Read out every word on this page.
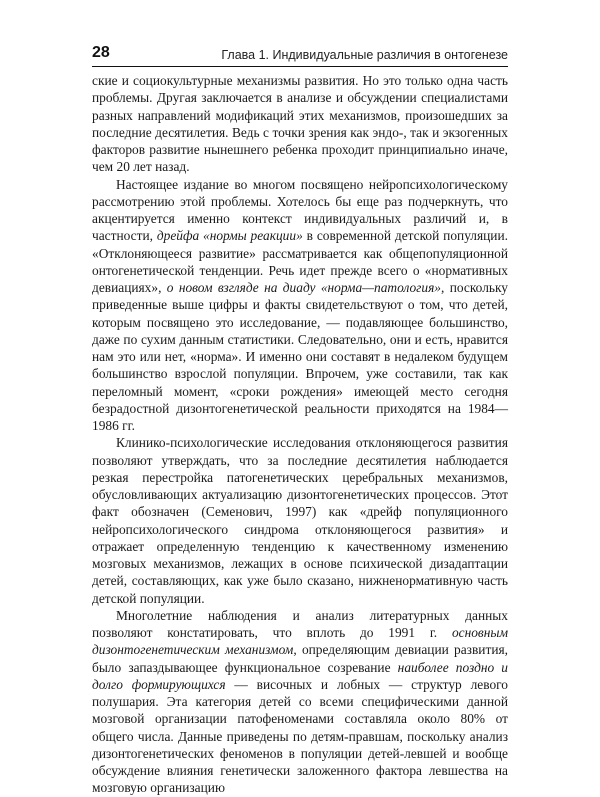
28	Глава 1. Индивидуальные различия в онтогенезе

ские и социокультурные механизмы развития. Но это только одна часть проблемы. Другая заключается в анализе и обсуждении специалистами разных направлений модификаций этих механизмов, произошедших за последние десятилетия. Ведь с точки зрения как эндо-, так и экзогенных факторов развитие нынешнего ребенка проходит принципиально иначе, чем 20 лет назад.

Настоящее издание во многом посвящено нейропсихологическому рассмотрению этой проблемы. Хотелось бы еще раз подчеркнуть, что акцентируется именно контекст индивидуальных различий и, в частности, дрейфа «нормы реакции» в современной детской популяции. «Отклоняющееся развитие» рассматривается как общепопуляционной онтогенетической тенденции. Речь идет прежде всего о «нормативных девиациях», о новом взгляде на диаду «норма—патология», поскольку приведенные выше цифры и факты свидетельствуют о том, что детей, которым посвящено это исследование, — подавляющее большинство, даже по сухим данным статистики. Следовательно, они и есть, нравится нам это или нет, «норма». И именно они составят в недалеком будущем большинство взрослой популяции. Впрочем, уже составили, так как переломный момент, «сроки рождения» имеющей место сегодня безрадостной дизонтогенетической реальности приходятся на 1984—1986 гг.

Клинико-психологические исследования отклоняющегося развития позволяют утверждать, что за последние десятилетия наблюдается резкая перестройка патогенетических церебральных механизмов, обусловливающих актуализацию дизонтогенетических процессов. Этот факт обозначен (Семенович, 1997) как «дрейф популяционного нейропсихологического синдрома отклоняющегося развития» и отражает определенную тенденцию к качественному изменению мозговых механизмов, лежащих в основе психической дизадаптации детей, составляющих, как уже было сказано, нижненормативную часть детской популяции.

Многолетние наблюдения и анализ литературных данных позволяют констатировать, что вплоть до 1991 г. основным дизонтогенетическим механизмом, определяющим девиации развития, было запаздывающее функциональное созревание наиболее поздно и долго формирующихся — височных и лобных — структур левого полушария. Эта категория детей со всеми специфическими данной мозговой организации патофеноменами составляла около 80% от общего числа. Данные приведены по детям-правшам, поскольку анализ дизонтогенетических феноменов в популяции детей-левшей и вообще обсуждение влияния генетически заложенного фактора левшества на мозговую организацию
